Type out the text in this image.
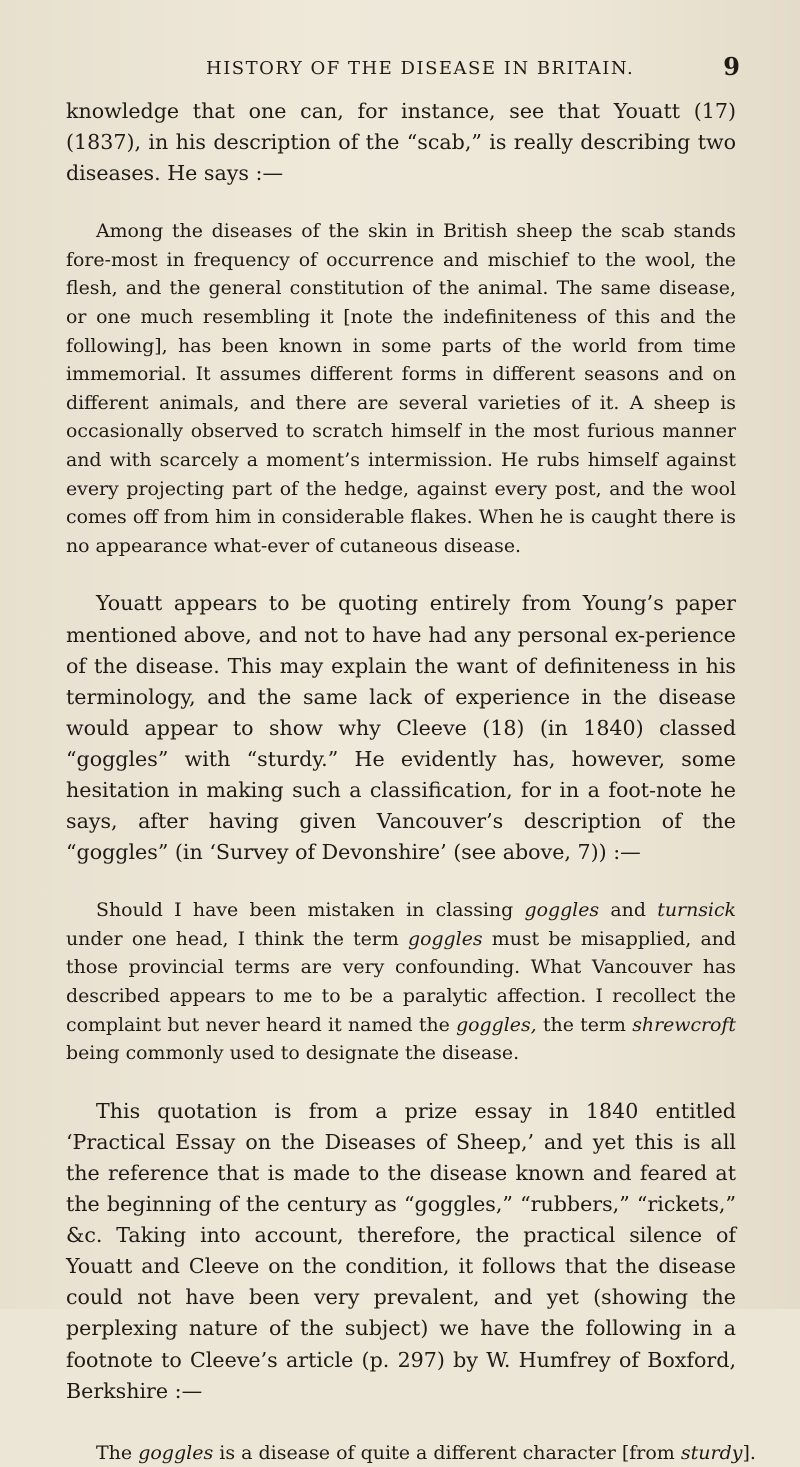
HISTORY OF THE DISEASE IN BRITAIN.	9

knowledge that one can, for instance, see that Youatt (17) (1837), in his description of the “scab,” is really describing two diseases. He says :—

Among the diseases of the skin in British sheep the scab stands fore-most in frequency of occurrence and mischief to the wool, the flesh, and the general constitution of the animal. The same disease, or one much resembling it [note the indefiniteness of this and the following], has been known in some parts of the world from time immemorial. It assumes different forms in different seasons and on different animals, and there are several varieties of it. A sheep is occasionally observed to scratch himself in the most furious manner and with scarcely a moment’s intermission. He rubs himself against every projecting part of the hedge, against every post, and the wool comes off from him in considerable flakes. When he is caught there is no appearance what-ever of cutaneous disease.

Youatt appears to be quoting entirely from Young’s paper mentioned above, and not to have had any personal ex-perience of the disease. This may explain the want of definiteness in his terminology, and the same lack of experience in the disease would appear to show why Cleeve (18) (in 1840) classed “goggles” with “sturdy.” He evidently has, however, some hesitation in making such a classification, for in a foot-note he says, after having given Vancouver’s description of the “goggles” (in ‘Survey of Devonshire’ (see above, 7)) :—

Should I have been mistaken in classing goggles and turnsick under one head, I think the term goggles must be misapplied, and those provincial terms are very confounding. What Vancouver has described appears to me to be a paralytic affection. I recollect the complaint but never heard it named the goggles, the term shrewcroft being commonly used to designate the disease.

This quotation is from a prize essay in 1840 entitled ‘Practical Essay on the Diseases of Sheep,’ and yet this is all the reference that is made to the disease known and feared at the beginning of the century as “goggles,” “rubbers,” “rickets,” &c. Taking into account, therefore, the practical silence of Youatt and Cleeve on the condition, it follows that the disease could not have been very prevalent, and yet (showing the perplexing nature of the subject) we have the following in a footnote to Cleeve’s article (p. 297) by W. Humfrey of Boxford, Berkshire :—

The goggles is a disease of quite a different character [from sturdy].
